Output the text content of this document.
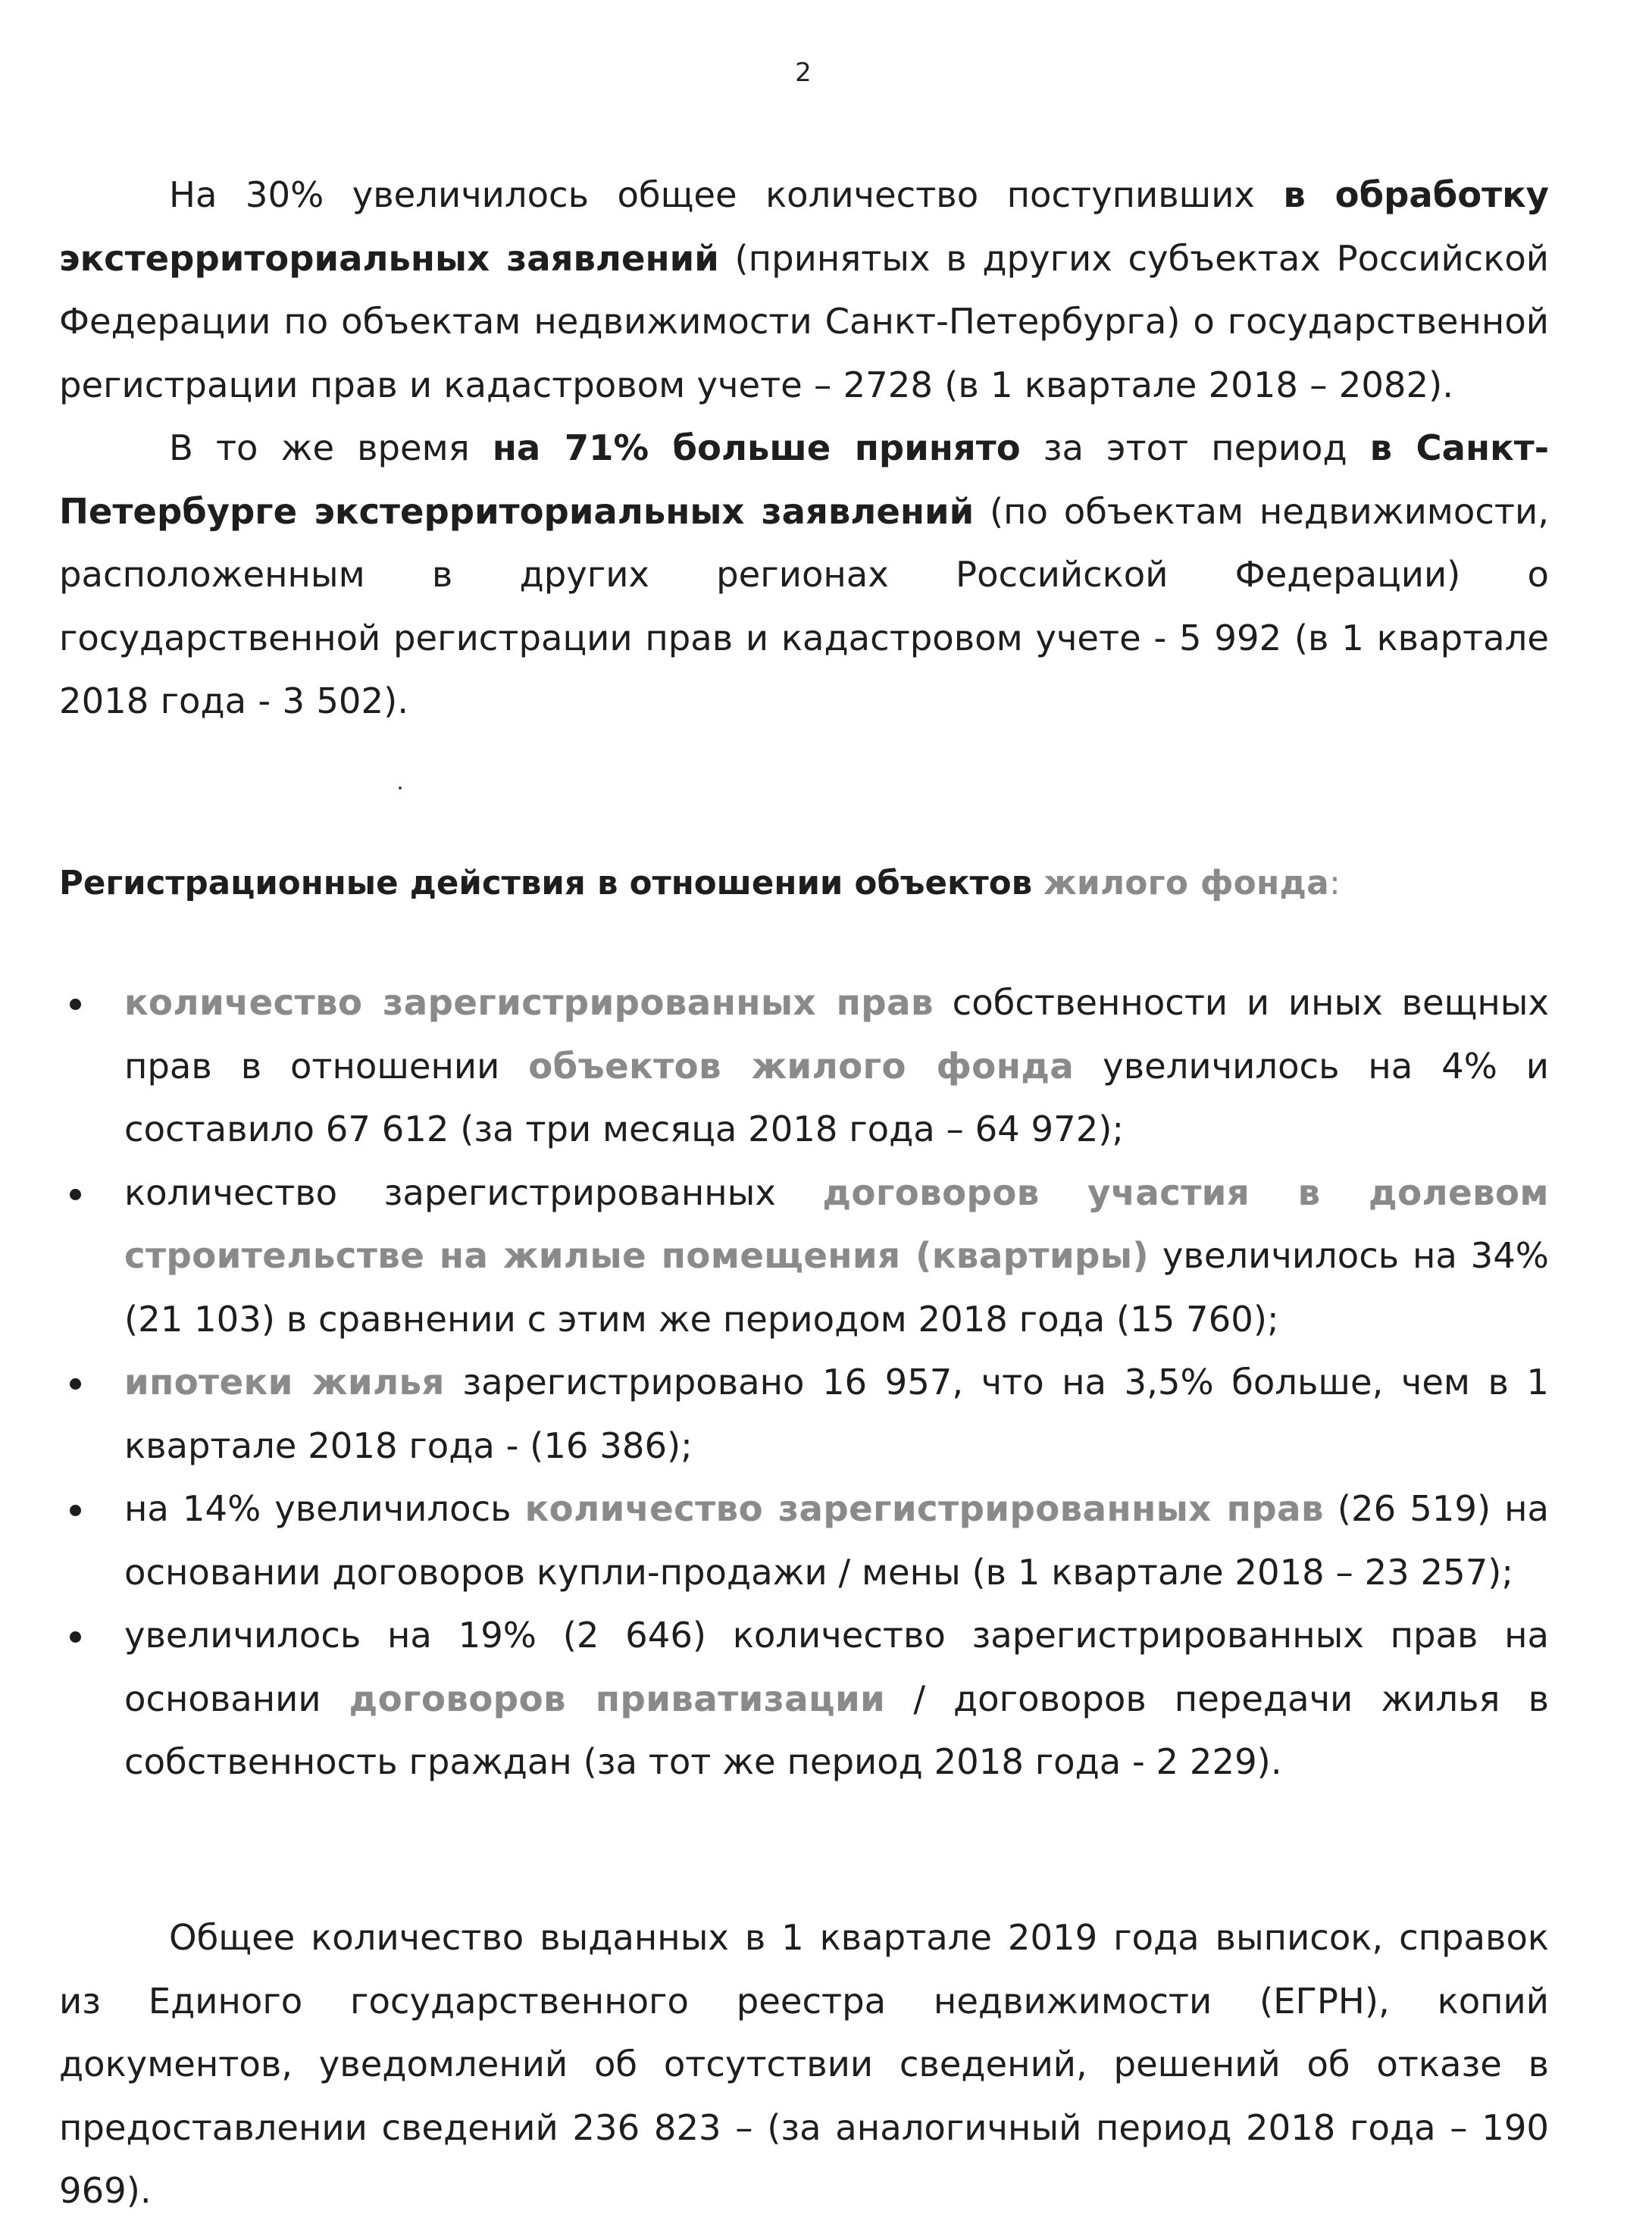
2

На 30% увеличилось общее количество поступивших в обработку экстерриториальных заявлений (принятых в других субъектах Российской Федерации по объектам недвижимости Санкт-Петербурга) о государственной регистрации прав и кадастровом учете – 2728 (в 1 квартале 2018 – 2082).

В то же время на 71% больше принято за этот период в Санкт-Петербурге экстерриториальных заявлений (по объектам недвижимости, расположенным в других регионах Российской Федерации) о государственной регистрации прав и кадастровом учете - 5 992 (в 1 квартале 2018 года - 3 502).

Регистрационные действия в отношении объектов жилого фонда:
количество зарегистрированных прав собственности и иных вещных прав в отношении объектов жилого фонда увеличилось на 4% и составило 67 612 (за три месяца 2018 года – 64 972);
количество зарегистрированных договоров участия в долевом строительстве на жилые помещения (квартиры) увеличилось на 34% (21 103) в сравнении с этим же периодом 2018 года (15 760);
ипотеки жилья зарегистрировано 16 957, что на 3,5% больше, чем в 1 квартале 2018 года - (16 386);
на 14% увеличилось количество зарегистрированных прав (26 519) на основании договоров купли-продажи / мены (в 1 квартале 2018 – 23 257);
увеличилось на 19% (2 646) количество зарегистрированных прав на основании договоров приватизации / договоров передачи жилья в собственность граждан (за тот же период 2018 года - 2 229).

Общее количество выданных в 1 квартале 2019 года выписок, справок из Единого государственного реестра недвижимости (ЕГРН), копий документов, уведомлений об отсутствии сведений, решений об отказе в предоставлении сведений 236 823 – (за аналогичный период 2018 года – 190 969).
